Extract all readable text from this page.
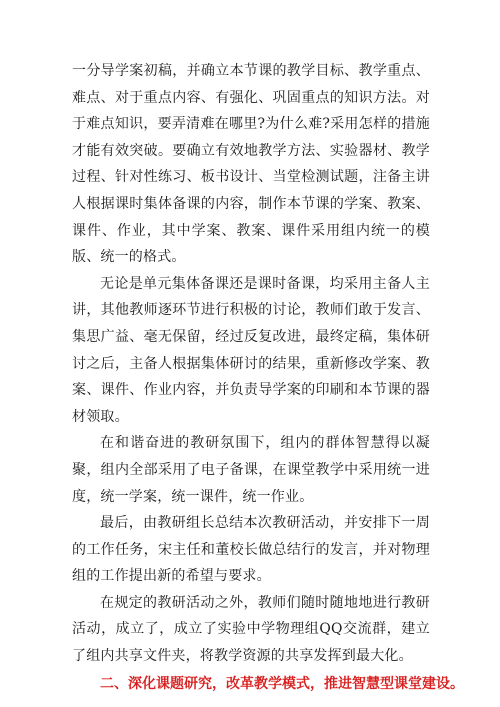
一分导学案初稿，并确立本节课的教学目标、教学重点、难点、对于重点内容、有强化、巩固重点的知识方法。对于难点知识，要弄清难在哪里?为什么难?采用怎样的措施才能有效突破。要确立有效地教学方法、实验器材、教学过程、针对性练习、板书设计、当堂检测试题，注备主讲人根据课时集体备课的内容，制作本节课的学案、教案、课件、作业，其中学案、教案、课件采用组内统一的模版、统一的格式。

无论是单元集体备课还是课时备课，均采用主备人主讲，其他教师逐环节进行积极的讨论，教师们敢于发言、集思广益、毫无保留，经过反复改进，最终定稿，集体研讨之后，主备人根据集体研讨的结果，重新修改学案、教案、课件、作业内容，并负责导学案的印刷和本节课的器材领取。

在和谐奋进的教研氛围下，组内的群体智慧得以凝聚，组内全部采用了电子备课，在课堂教学中采用统一进度，统一学案，统一课件，统一作业。

最后，由教研组长总结本次教研活动，并安排下一周的工作任务，宋主任和董校长做总结行的发言，并对物理组的工作提出新的希望与要求。

在规定的教研活动之外，教师们随时随地地进行教研活动，成立了，成立了实验中学物理组QQ交流群，建立了组内共享文件夹，将教学资源的共享发挥到最大化。

二、深化课题研究，改革教学模式，推进智慧型课堂建设。
